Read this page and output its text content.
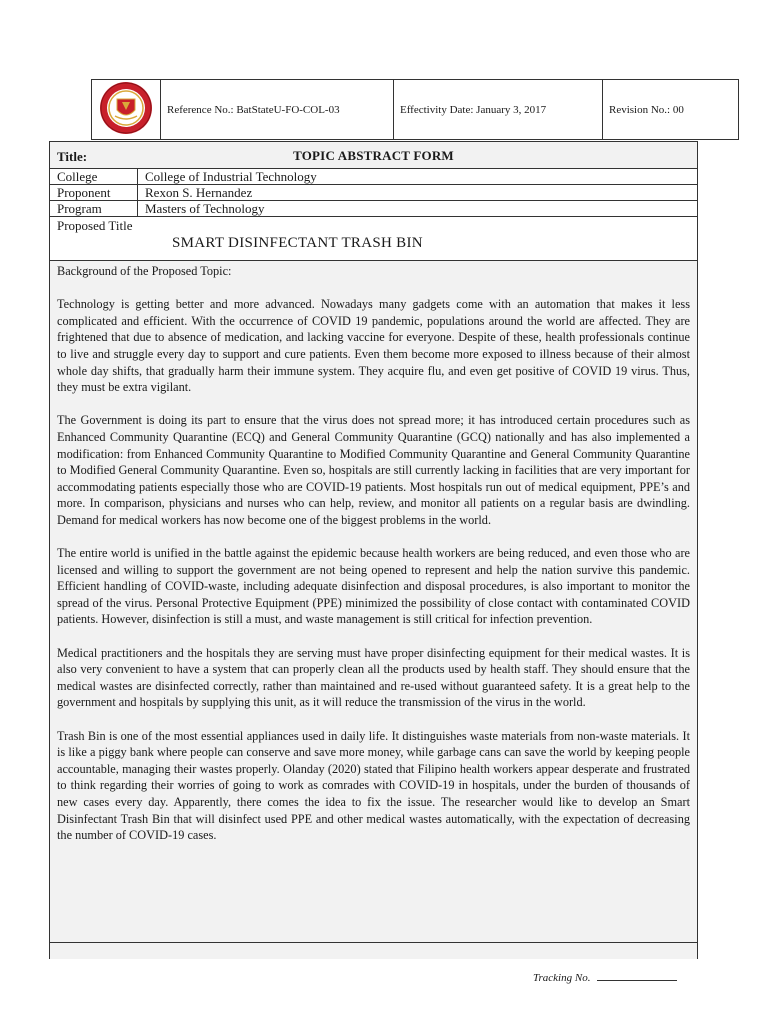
	Reference No.: BatStateU-FO-COL-03	Effectivity Date: January 3, 2017	Revision No.: 00
Title:	TOPIC ABSTRACT FORM
College	College of Industrial Technology
Proponent	Rexon S. Hernandez
Program	Masters of Technology
Proposed Title
SMART DISINFECTANT TRASH BIN
Background of the Proposed Topic:

Technology is getting better and more advanced. Nowadays many gadgets come with an automation that makes it less complicated and efficient. With the occurrence of COVID 19 pandemic, populations around the world are affected. They are frightened that due to absence of medication, and lacking vaccine for everyone. Despite of these, health professionals continue to live and struggle every day to support and cure patients. Even them become more exposed to illness because of their almost whole day shifts, that gradually harm their immune system. They acquire flu, and even get positive of COVID 19 virus. Thus, they must be extra vigilant.

The Government is doing its part to ensure that the virus does not spread more; it has introduced certain procedures such as Enhanced Community Quarantine (ECQ) and General Community Quarantine (GCQ) nationally and has also implemented a modification: from Enhanced Community Quarantine to Modified Community Quarantine and General Community Quarantine to Modified General Community Quarantine. Even so, hospitals are still currently lacking in facilities that are very important for accommodating patients especially those who are COVID-19 patients. Most hospitals run out of medical equipment, PPE’s and more. In comparison, physicians and nurses who can help, review, and monitor all patients on a regular basis are dwindling. Demand for medical workers has now become one of the biggest problems in the world.

The entire world is unified in the battle against the epidemic because health workers are being reduced, and even those who are licensed and willing to support the government are not being opened to represent and help the nation survive this pandemic. Efficient handling of COVID-waste, including adequate disinfection and disposal procedures, is also important to monitor the spread of the virus. Personal Protective Equipment (PPE) minimized the possibility of close contact with contaminated COVID patients. However, disinfection is still a must, and waste management is still critical for infection prevention.

Medical practitioners and the hospitals they are serving must have proper disinfecting equipment for their medical wastes. It is also very convenient to have a system that can properly clean all the products used by health staff. They should ensure that the medical wastes are disinfected correctly, rather than maintained and re-used without guaranteed safety. It is a great help to the government and hospitals by supplying this unit, as it will reduce the transmission of the virus in the world.

Trash Bin is one of the most essential appliances used in daily life. It distinguishes waste materials from non-waste materials. It is like a piggy bank where people can conserve and save more money, while garbage cans can save the world by keeping people accountable, managing their wastes properly. Olanday (2020) stated that Filipino health workers appear desperate and frustrated to think regarding their worries of going to work as comrades with COVID-19 in hospitals, under the burden of thousands of new cases every day. Apparently, there comes the idea to fix the issue. The researcher would like to develop an Smart Disinfectant Trash Bin that will disinfect used PPE and other medical wastes automatically, with the expectation of decreasing the number of COVID-19 cases.

Tracking No.
